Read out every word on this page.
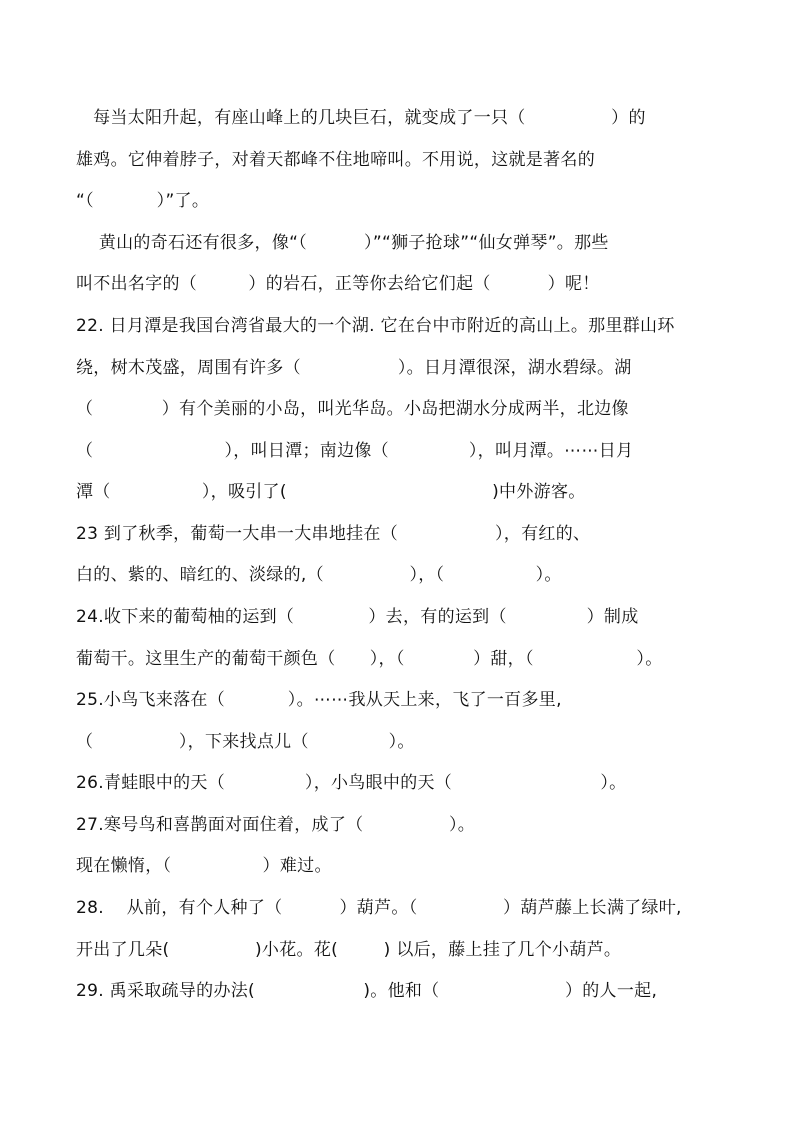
每当太阳升起，有座山峰上的几块巨石，就变成了一只（               ）的
雄鸡。它伸着脖子，对着天都峰不住地啼叫。不用说，这就是著名的
“（           ）”了。
黄山的奇石还有很多，像“（          ）”“狮子抢球”“仙女弹琴”。那些
叫不出名字的（         ）的岩石，正等你去给它们起（          ）呢！
22. 日月潭是我国台湾省最大的一个湖. 它在台中市附近的高山上。那里群山环
绕，树木茂盛，周围有许多（                 ）。日月潭很深，湖水碧绿。湖
（            ）有个美丽的小岛，叫光华岛。小岛把湖水分成两半，北边像
（                       ），叫日潭；南边像（              ），叫月潭。⋯⋯日月
潭（                ），吸引了(                                    )中外游客。
23 到了秋季，葡萄一大串一大串地挂在（                 ），有红的、
白的、紫的、暗红的、淡绿的,（               ），（                ）。
24.收下来的葡萄柚的运到（             ）去，有的运到（              ）制成
葡萄干。这里生产的葡萄干颜色（      ），（            ）甜，（                  ）。
25.小鸟飞来落在（           ）。⋯⋯我从天上来，飞了一百多里,
（               ），下来找点儿（              ）。
26.青蛙眼中的天（              ），小鸟眼中的天（                          ）。
27.寒号鸟和喜鹊面对面住着，成了（               ）。
现在懒惰，（                ）难过。
28.    从前，有个人种了（          ）葫芦。（               ）葫芦藤上长满了绿叶,
开出了几朵(               )小花。花(        ) 以后，藤上挂了几个小葫芦。
29. 禹采取疏导的办法(                   )。他和（                      ）的人一起,
